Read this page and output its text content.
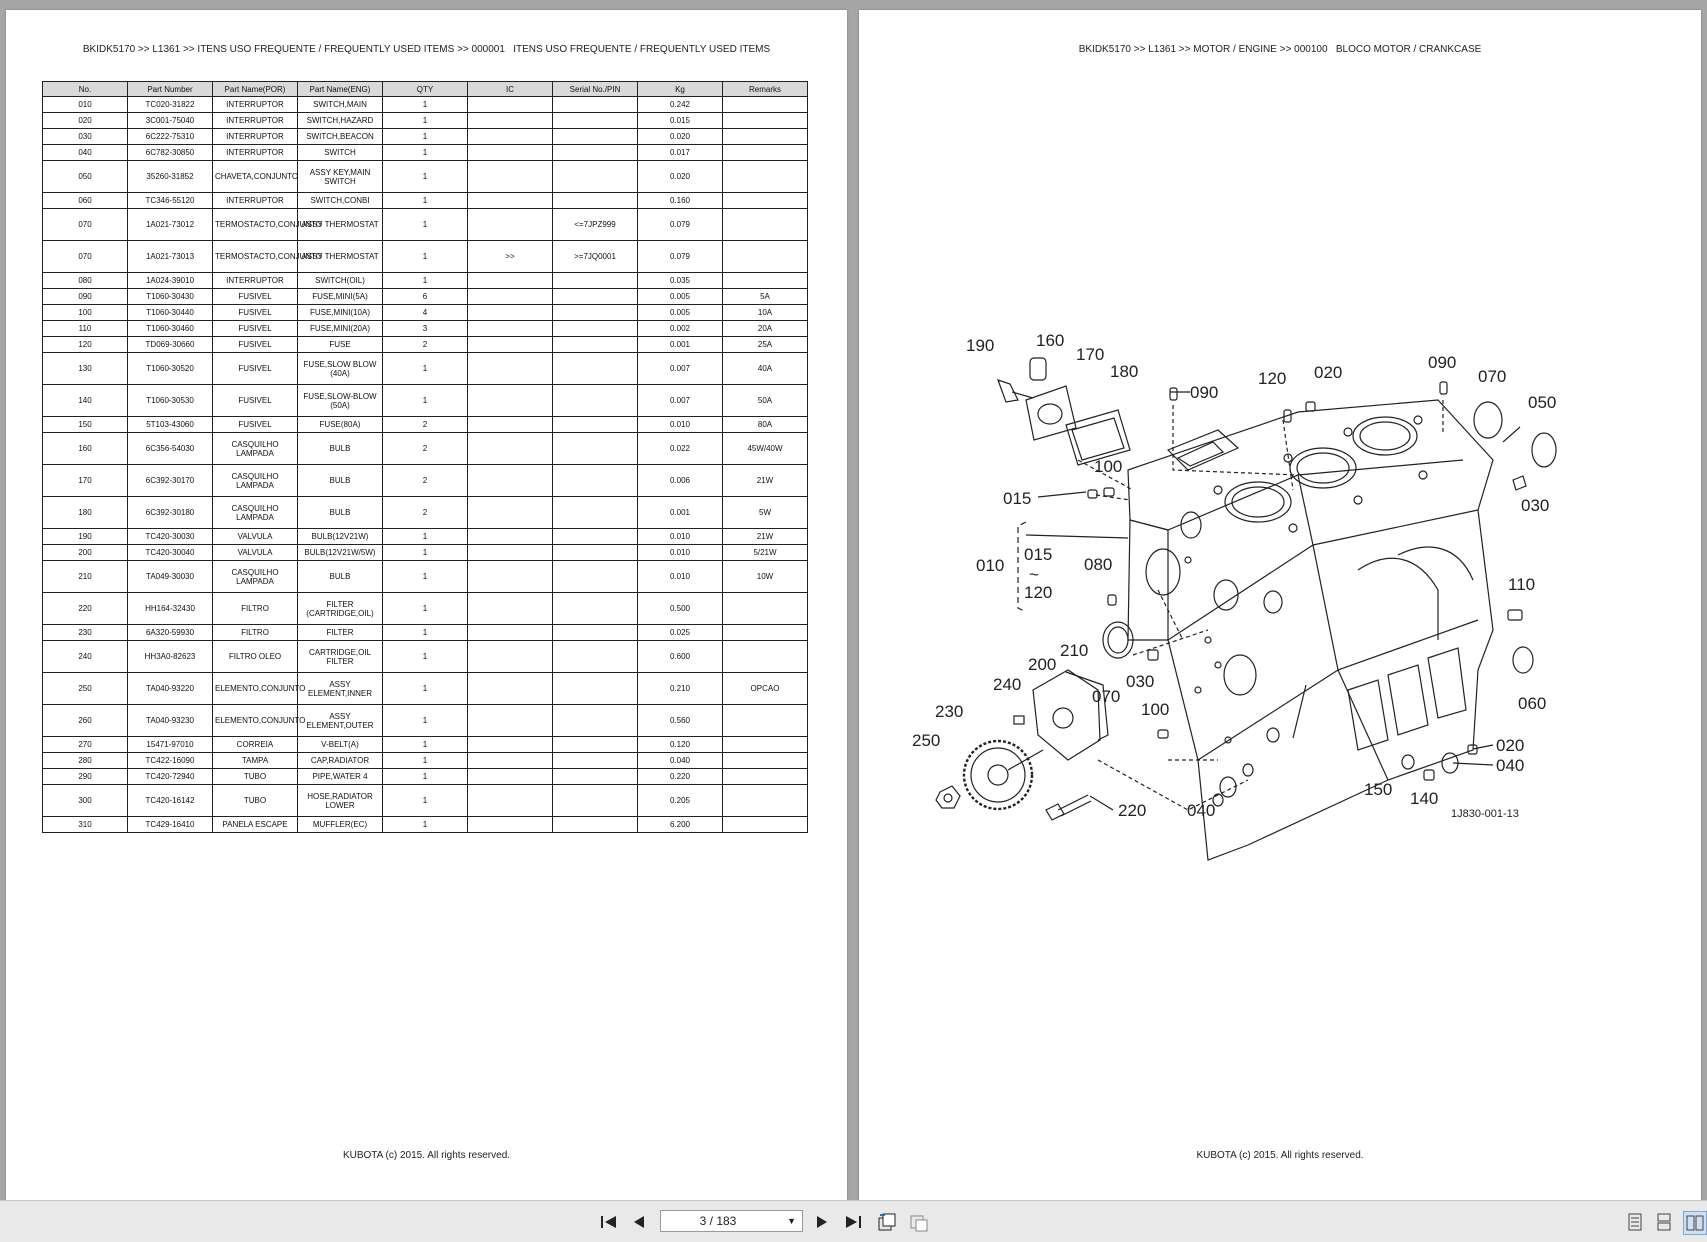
BKIDK5170 >> L1361 >> ITENS USO FREQUENTE / FREQUENTLY USED ITEMS >> 000001   ITENS USO FREQUENTE / FREQUENTLY USED ITEMS
No.	Part Number	Part Name(POR)	Part Name(ENG)	QTY	IC	Serial No./PIN	Kg	Remarks
010	TC020-31822	INTERRUPTOR	SWITCH,MAIN	1			0.242	
020	3C001-75040	INTERRUPTOR	SWITCH,HAZARD	1			0.015	
030	6C222-75310	INTERRUPTOR	SWITCH,BEACON	1			0.020	
040	6C782-30850	INTERRUPTOR	SWITCH	1			0.017	
050	35260-31852	CHAVETA,CONJUNTO	ASSY KEY,MAIN SWITCH	1			0.020	
060	TC346-55120	INTERRUPTOR	SWITCH,CONBI	1			0.160	
070	1A021-73012	TERMOSTACTO,CONJUNTO	ASSY THERMOSTAT	1		<=7JPZ999	0.079	
070	1A021-73013	TERMOSTACTO,CONJUNTO	ASSY THERMOSTAT	1	>>	>=7JQ0001	0.079	
080	1A024-39010	INTERRUPTOR	SWITCH(OIL)	1			0.035	
090	T1060-30430	FUSIVEL	FUSE,MINI(5A)	6			0.005	5A
100	T1060-30440	FUSIVEL	FUSE,MINI(10A)	4			0.005	10A
110	T1060-30460	FUSIVEL	FUSE,MINI(20A)	3			0.002	20A
120	TD069-30660	FUSIVEL	FUSE	2			0.001	25A
130	T1060-30520	FUSIVEL	FUSE,SLOW BLOW (40A)	1			0.007	40A
140	T1060-30530	FUSIVEL	FUSE,SLOW-BLOW (50A)	1			0.007	50A
150	5T103-43060	FUSIVEL	FUSE(80A)	2			0.010	80A
160	6C356-54030	CASQUILHO LAMPADA	BULB	2			0.022	45W/40W
170	6C392-30170	CASQUILHO LAMPADA	BULB	2			0.006	21W
180	6C392-30180	CASQUILHO LAMPADA	BULB	2			0.001	5W
190	TC420-30030	VALVULA	BULB(12V21W)	1			0.010	21W
200	TC420-30040	VALVULA	BULB(12V21W/5W)	1			0.010	5/21W
210	TA049-30030	CASQUILHO LAMPADA	BULB	1			0.010	10W
220	HH164-32430	FILTRO	FILTER (CARTRIDGE,OIL)	1			0.500	
230	6A320-59930	FILTRO	FILTER	1			0.025	
240	HH3A0-82623	FILTRO OLEO	CARTRIDGE,OIL FILTER	1			0.600	
250	TA040-93220	ELEMENTO,CONJUNTO	ASSY ELEMENT,INNER	1			0.210	OPCAO
260	TA040-93230	ELEMENTO,CONJUNTO	ASSY ELEMENT,OUTER	1			0.560	
270	15471-97010	CORREIA	V-BELT(A)	1			0.120	
280	TC422-16090	TAMPA	CAP,RADIATOR	1			0.040	
290	TC420-72940	TUBO	PIPE,WATER 4	1			0.220	
300	TC420-16142	TUBO	HOSE,RADIATOR LOWER	1			0.205	
310	TC429-16410	PANELA ESCAPE	MUFFLER(EC)	1			6.200	
KUBOTA (c) 2015. All rights reserved.
BKIDK5170 >> L1361 >> MOTOR / ENGINE >> 000100   BLOCO MOTOR / CRANKCASE
190 160
170
180
090
120 020
090
070
050
100
015	030
010
015
~
120
080
110
210
200
240
070
030
060
230	100
250	020
040
150 140
040
220	1J830-001-13
KUBOTA (c) 2015. All rights reserved.
3 / 183
▼
